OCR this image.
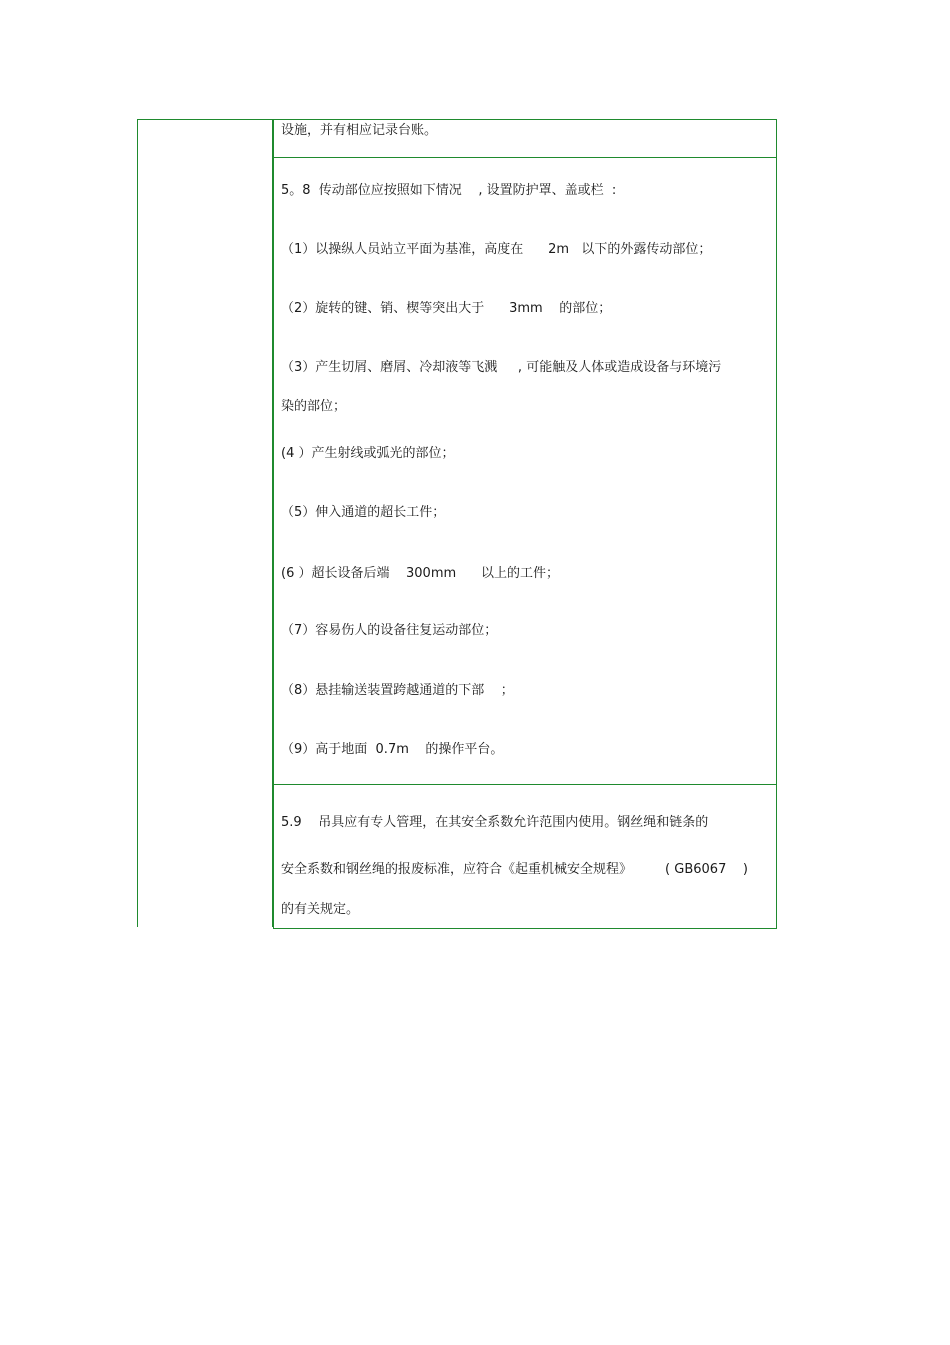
设施，并有相应记录台账。
5。8  传动部位应按照如下情况    , 设置防护罩、盖或栏  :
（1）以操纵人员站立平面为基准，高度在      2m   以下的外露传动部位；
（2）旋转的键、销、楔等突出大于      3mm    的部位；
（3）产生切屑、磨屑、冷却液等飞溅     , 可能触及人体或造成设备与环境污
染的部位；
(4 ）产生射线或弧光的部位；
（5）伸入通道的超长工件；
(6 ）超长设备后端    300mm      以上的工件；
（7）容易伤人的设备往复运动部位；
（8）悬挂输送装置跨越通道的下部    ；
（9）高于地面  0.7m    的操作平台。
5.9    吊具应有专人管理，在其安全系数允许范围内使用。钢丝绳和链条的
安全系数和钢丝绳的报废标准，应符合《起重机械安全规程》        ( GB6067    )
的有关规定。
